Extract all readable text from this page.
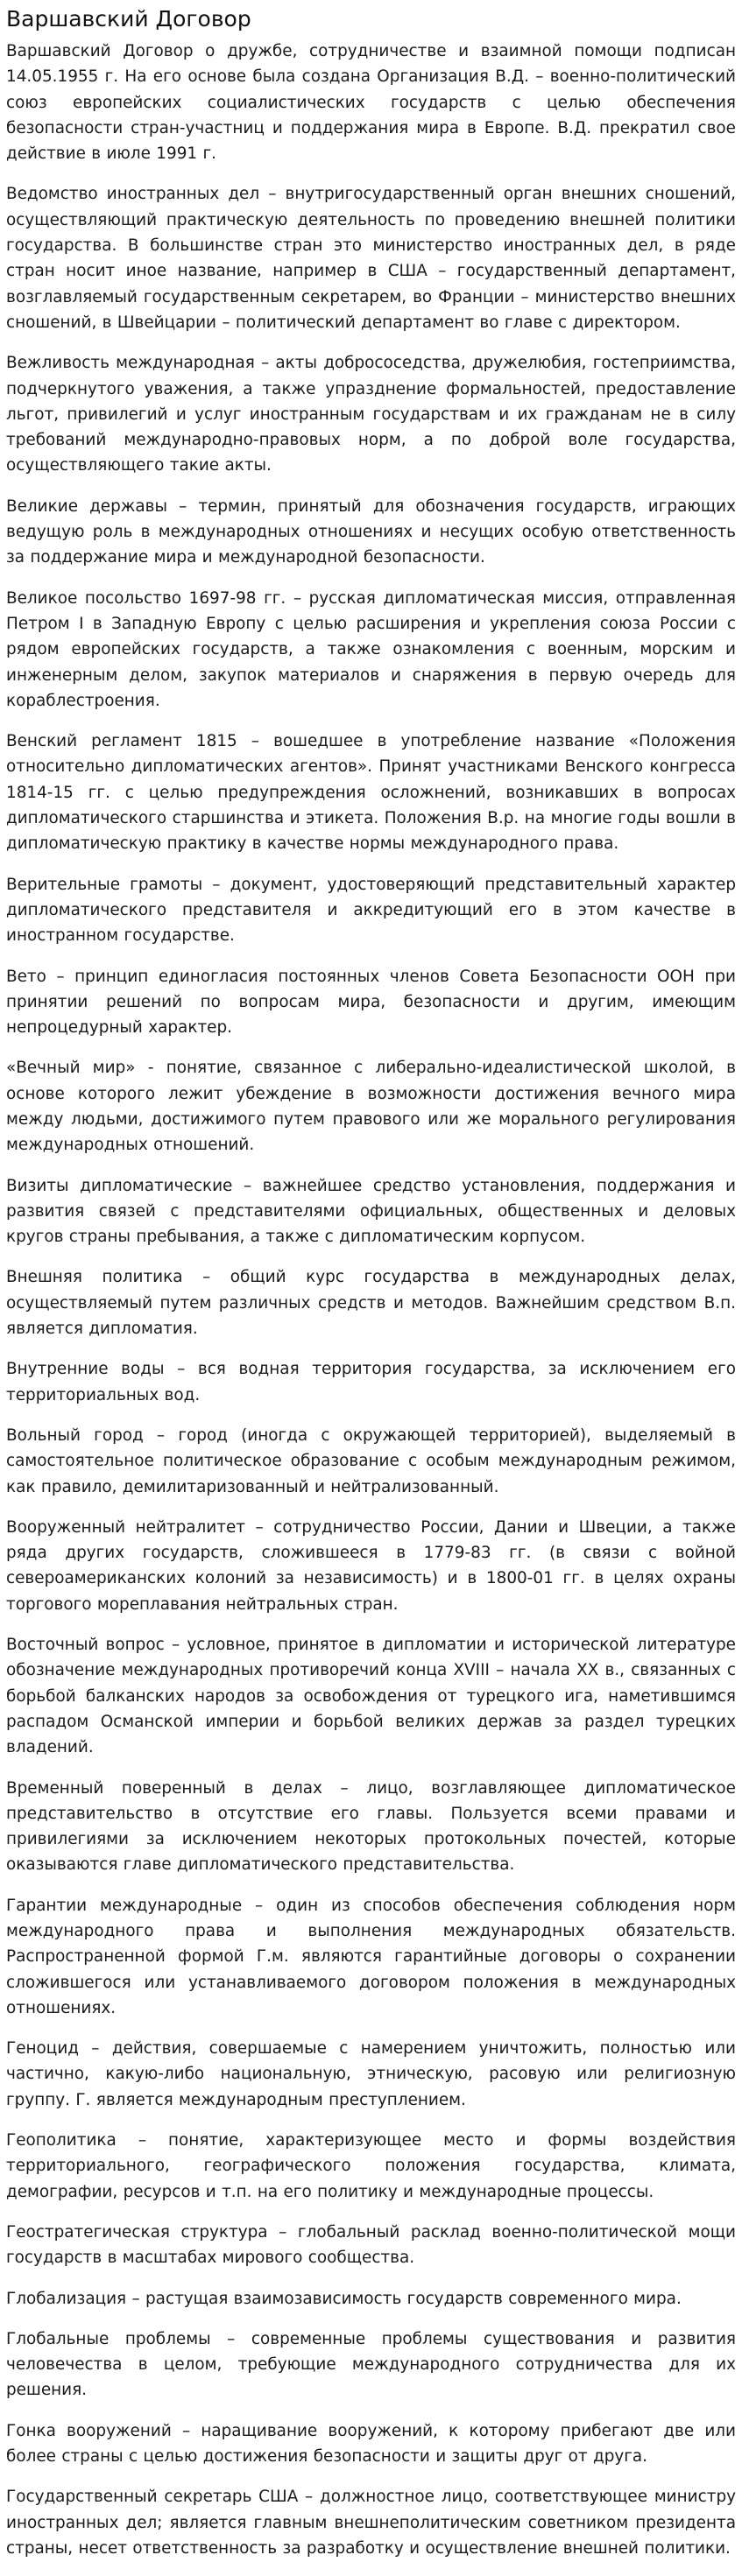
Варшавский Договор

Варшавский Договор о дружбе, сотрудничестве и взаимной помощи подписан 14.05.1955 г. На его основе была создана Организация В.Д. – военно-политический союз европейских социалистических государств с целью обеспечения безопасности стран-участниц и поддержания мира в Европе. В.Д. прекратил свое действие в июле 1991 г.

Ведомство иностранных дел – внутригосударственный орган внешних сношений, осуществляющий практическую деятельность по проведению внешней политики государства. В большинстве стран это министерство иностранных дел, в ряде стран носит иное название, например в США – государственный департамент, возглавляемый государственным секретарем, во Франции – министерство внешних сношений, в Швейцарии – политический департамент во главе с директором.

Вежливость международная – акты добрососедства, дружелюбия, гостеприимства, подчеркнутого уважения, а также упразднение формальностей, предоставление льгот, привилегий и услуг иностранным государствам и их гражданам не в силу требований международно-правовых норм, а по доброй воле государства, осуществляющего такие акты.

Великие державы – термин, принятый для обозначения государств, играющих ведущую роль в международных отношениях и несущих особую ответственность за поддержание мира и международной безопасности.

Великое посольство 1697-98 гг. – русская дипломатическая миссия, отправленная Петром I в Западную Европу с целью расширения и укрепления союза России с рядом европейских государств, а также ознакомления с военным, морским и инженерным делом, закупок материалов и снаряжения в первую очередь для кораблестроения.

Венский регламент 1815 – вошедшее в употребление название «Положения относительно дипломатических агентов». Принят участниками Венского конгресса 1814-15 гг. с целью предупреждения осложнений, возникавших в вопросах дипломатического старшинства и этикета. Положения В.р. на многие годы вошли в дипломатическую практику в качестве нормы международного права.

Верительные грамоты – документ, удостоверяющий представительный характер дипломатического представителя и аккредитующий его в этом качестве в иностранном государстве.

Вето – принцип единогласия постоянных членов Совета Безопасности ООН при принятии решений по вопросам мира, безопасности и другим, имеющим непроцедурный характер.

«Вечный мир» - понятие, связанное с либерально-идеалистической школой, в основе которого лежит убеждение в возможности достижения вечного мира между людьми, достижимого путем правового или же морального регулирования международных отношений.

Визиты дипломатические – важнейшее средство установления, поддержания и развития связей с представителями официальных, общественных и деловых кругов страны пребывания, а также с дипломатическим корпусом.

Внешняя политика – общий курс государства в международных делах, осуществляемый путем различных средств и методов. Важнейшим средством В.п. является дипломатия.

Внутренние воды – вся водная территория государства, за исключением его территориальных вод.

Вольный город – город (иногда с окружающей территорией), выделяемый в самостоятельное политическое образование с особым международным режимом, как правило, демилитаризованный и нейтрализованный.

Вооруженный нейтралитет – сотрудничество России, Дании и Швеции, а также ряда других государств, сложившееся в 1779-83 гг. (в связи с войной североамериканских колоний за независимость) и в 1800-01 гг. в целях охраны торгового мореплавания нейтральных стран.

Восточный вопрос – условное, принятое в дипломатии и исторической литературе обозначение международных противоречий конца XVIII – начала XX в., связанных с борьбой балканских народов за освобождения от турецкого ига, наметившимся распадом Османской империи и борьбой великих держав за раздел турецких владений.

Временный поверенный в делах – лицо, возглавляющее дипломатическое представительство в отсутствие его главы. Пользуется всеми правами и привилегиями за исключением некоторых протокольных почестей, которые оказываются главе дипломатического представительства.

Гарантии международные – один из способов обеспечения соблюдения норм международного права и выполнения международных обязательств. Распространенной формой Г.м. являются гарантийные договоры о сохранении сложившегося или устанавливаемого договором положения в международных отношениях.

Геноцид – действия, совершаемые с намерением уничтожить, полностью или частично, какую-либо национальную, этническую, расовую или религиозную группу. Г. является международным преступлением.

Геополитика – понятие, характеризующее место и формы воздействия территориального, географического положения государства, климата, демографии, ресурсов и т.п. на его политику и международные процессы.

Геостратегическая структура – глобальный расклад военно-политической мощи государств в масштабах мирового сообщества.

Глобализация – растущая взаимозависимость государств современного мира.

Глобальные проблемы – современные проблемы существования и развития человечества в целом, требующие международного сотрудничества для их решения.

Гонка вооружений – наращивание вооружений, к которому прибегают две или более страны с целью достижения безопасности и защиты друг от друга.

Государственный секретарь США – должностное лицо, соответствующее министру иностранных дел; является главным внешнеполитическим советником президента страны, несет ответственность за разработку и осуществление внешней политики.
